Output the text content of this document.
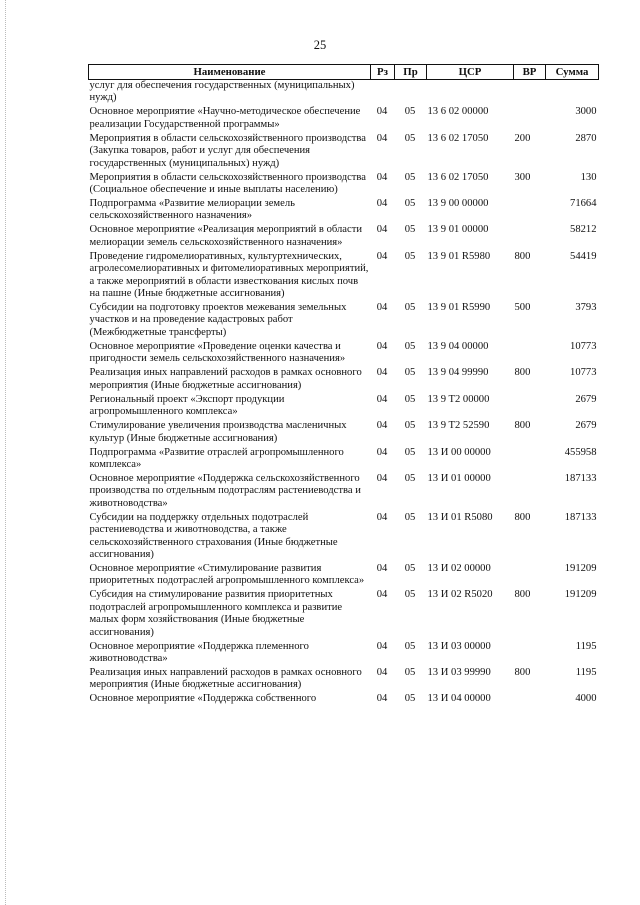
25
Наименование	Рз	Пр	ЦСР	ВР	Сумма
услуг для обеспечения государственных (муниципальных) нужд)					
Основное мероприятие «Научно-методическое обеспечение реализации Государственной программы»	04	05	13 6 02 00000		3000
Мероприятия в области сельскохозяйственного производства (Закупка товаров, работ и услуг для обеспечения государственных (муниципальных) нужд)	04	05	13 6 02 17050	200	2870
Мероприятия в области сельскохозяйственного производства (Социальное обеспечение и иные выплаты населению)	04	05	13 6 02 17050	300	130
Подпрограмма «Развитие мелиорации земель сельскохозяйственного назначения»	04	05	13 9 00 00000		71664
Основное мероприятие «Реализация мероприятий в области мелиорации земель сельскохозяйственного назначения»	04	05	13 9 01 00000		58212
Проведение гидромелиоративных, культуртехнических, агролесомелиоративных и фитомелиоративных мероприятий, а также мероприятий в области известкования кислых почв на пашне (Иные бюджетные ассигнования)	04	05	13 9 01 R5980	800	54419
Субсидии на подготовку проектов межевания земельных участков и на проведение кадастровых работ (Межбюджетные трансферты)	04	05	13 9 01 R5990	500	3793
Основное мероприятие «Проведение оценки качества и пригодности земель сельскохозяйственного назначения»	04	05	13 9 04 00000		10773
Реализация иных направлений расходов в рамках основного мероприятия (Иные бюджетные ассигнования)	04	05	13 9 04 99990	800	10773
Региональный проект «Экспорт продукции агропромышленного комплекса»	04	05	13 9 T2 00000		2679
Стимулирование увеличения производства масленичных культур (Иные бюджетные ассигнования)	04	05	13 9 T2 52590	800	2679
Подпрограмма «Развитие отраслей агропромышленного комплекса»	04	05	13 И 00 00000		455958
Основное мероприятие «Поддержка сельскохозяйственного производства по отдельным подотраслям растениеводства и животноводства»	04	05	13 И 01 00000		187133
Субсидии на поддержку отдельных подотраслей растениеводства и животноводства, а также сельскохозяйственного страхования (Иные бюджетные ассигнования)	04	05	13 И 01 R5080	800	187133
Основное мероприятие «Стимулирование развития приоритетных подотраслей агропромышленного комплекса»	04	05	13 И 02 00000		191209
Субсидия на стимулирование развития приоритетных подотраслей агропромышленного комплекса и развитие малых форм хозяйствования (Иные бюджетные ассигнования)	04	05	13 И 02 R5020	800	191209
Основное мероприятие «Поддержка племенного животноводства»	04	05	13 И 03 00000		1195
Реализация иных направлений расходов в рамках основного мероприятия (Иные бюджетные ассигнования)	04	05	13 И 03 99990	800	1195
Основное мероприятие «Поддержка собственного	04	05	13 И 04 00000		4000
